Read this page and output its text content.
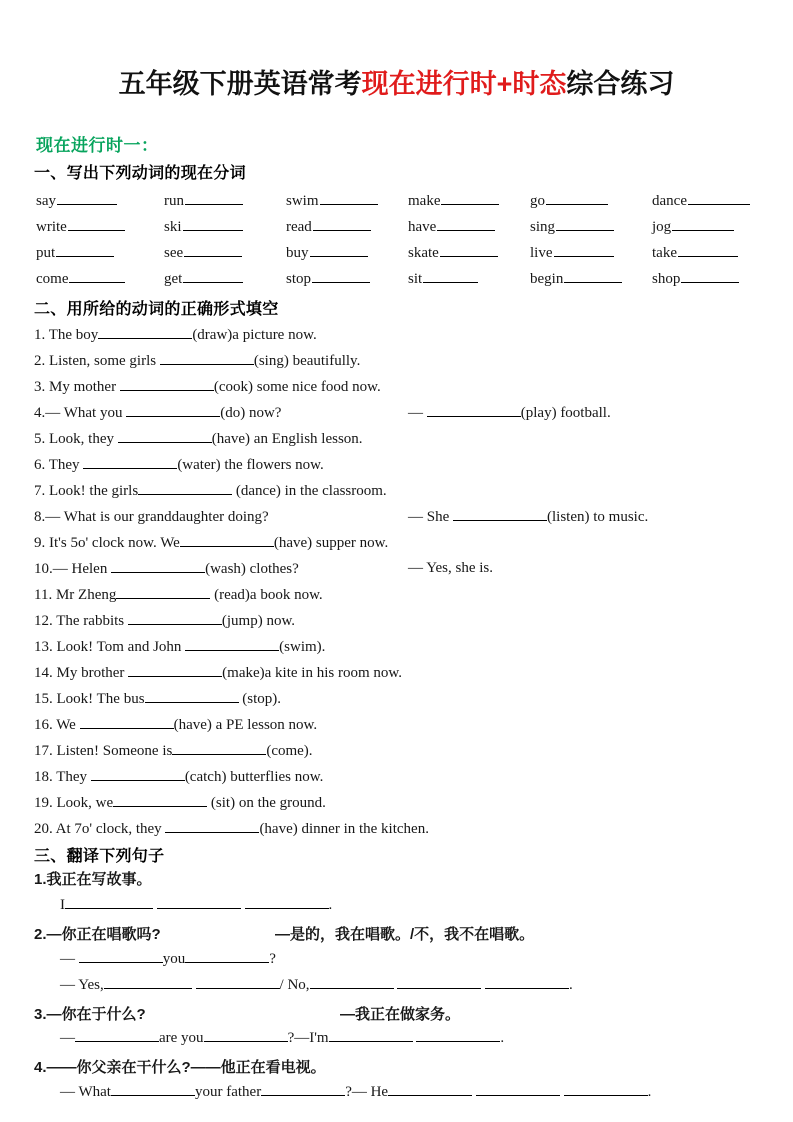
五年级下册英语常考现在进行时+时态综合练习
现在进行时一：
一、写出下列动词的现在分词
say	run	swim	make	go	dance
write	ski	read	have	sing	jog
put	see	buy	skate	live	take
come	get	stop	sit	begin	shop
二、用所给的动词的正确形式填空
1. The boy	(draw)a picture now.
2. Listen, some girls	(sing) beautifully.
3. My mother	(cook) some nice food now.
4.— What you	(do) now?	—	(play) football.
5. Look, they	(have) an English lesson.
6. They	(water) the flowers now.
7. Look! the girls	(dance) in the classroom.
8.— What is our granddaughter doing?	— She	(listen) to music.
9. It's 5o' clock now. We	(have) supper now.
10.— Helen	(wash) clothes?	— Yes, she is.
11. Mr Zheng	(read)a book now.
12. The rabbits	(jump) now.
13. Look! Tom and John	(swim).
14. My brother	(make)a kite in his room now.
15. Look! The bus	(stop).
16. We	(have) a PE lesson now.
17. Listen! Someone is	(come).
18. They	(catch) butterflies now.
19. Look, we	(sit) on the ground.
20. At 7o' clock, they	(have) dinner in the kitchen.
三、翻译下列句子
1.我正在写故事。
I	.
2.—你正在唱歌吗?	—是的，我在唱歌。/不，我不在唱歌。
—	you	?
— Yes,	/ No,	.
3.—你在于什么?	—我正在做家务。
—	are you	?—I'm	.
4.——你父亲在干什么?——他正在看电视。
— What	your father	?— He	.
